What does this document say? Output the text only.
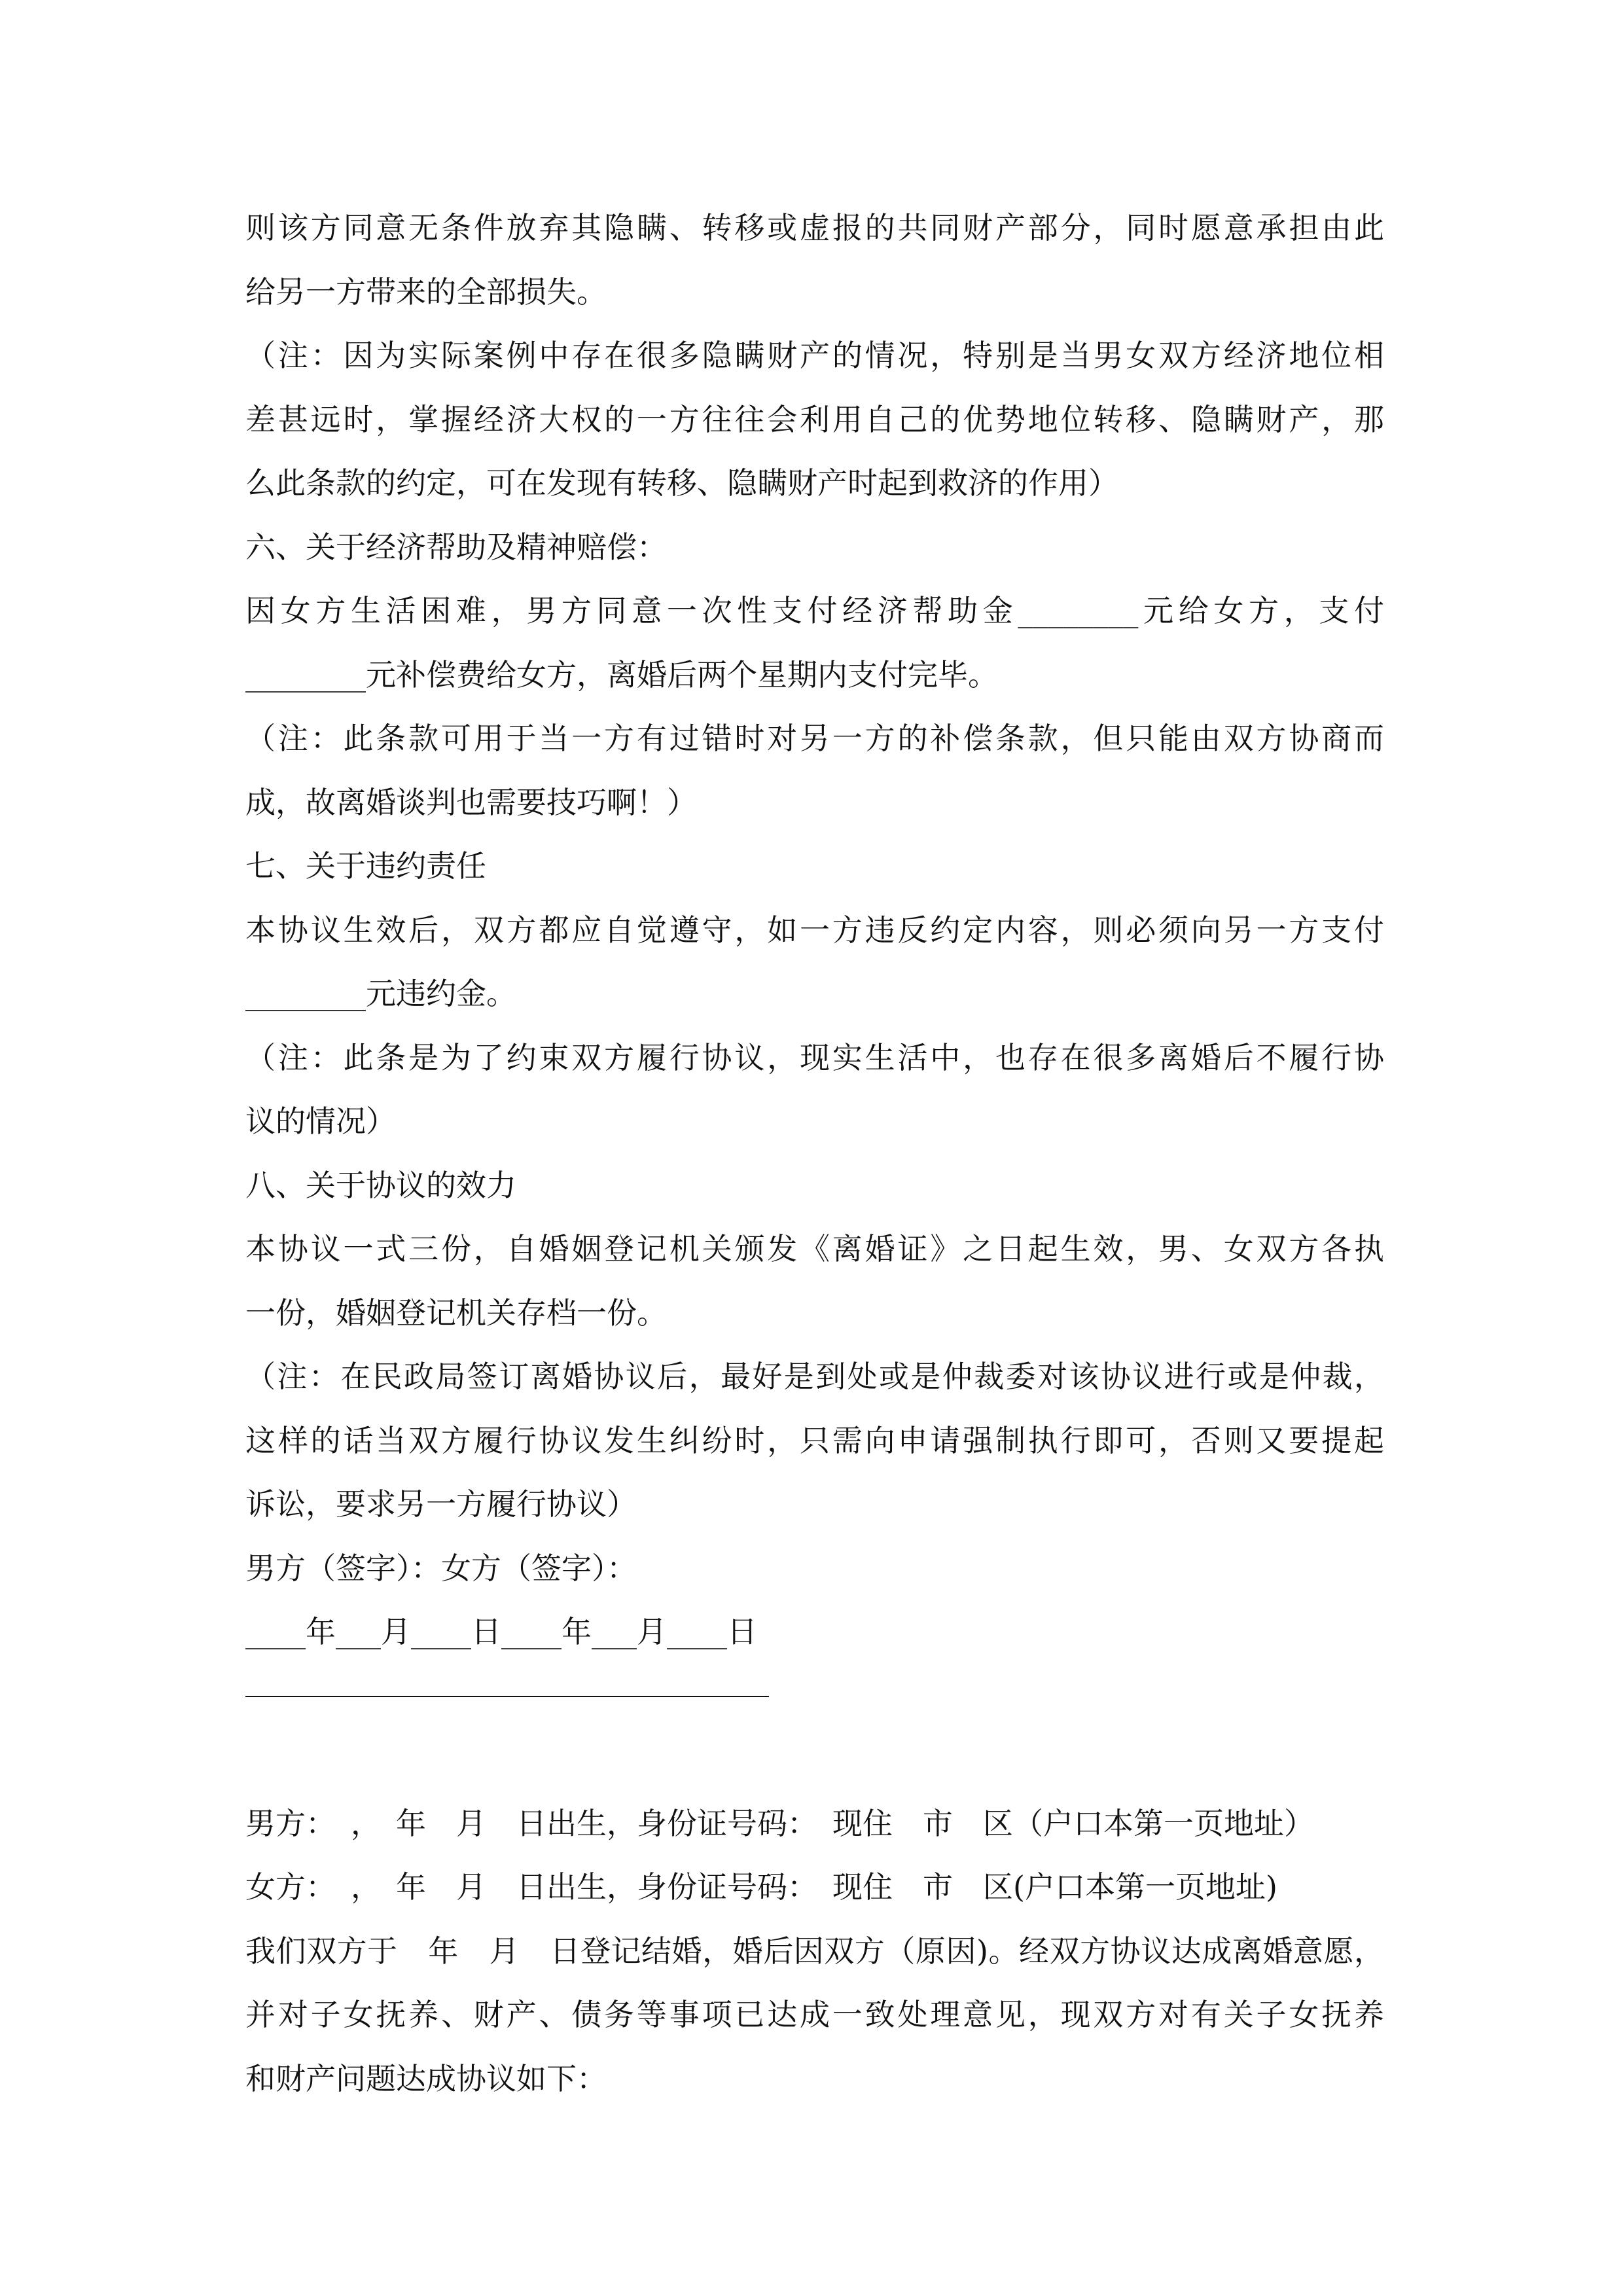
则该方同意无条件放弃其隐瞒、转移或虚报的共同财产部分，同时愿意承担由此
给另一方带来的全部损失。
（注：因为实际案例中存在很多隐瞒财产的情况，特别是当男女双方经济地位相
差甚远时，掌握经济大权的一方往往会利用自己的优势地位转移、隐瞒财产，那
么此条款的约定，可在发现有转移、隐瞒财产时起到救济的作用）
六、关于经济帮助及精神赔偿：
因女方生活困难，男方同意一次性支付经济帮助金________元给女方，支付
________元补偿费给女方，离婚后两个星期内支付完毕。
（注：此条款可用于当一方有过错时对另一方的补偿条款，但只能由双方协商而
成，故离婚谈判也需要技巧啊！）
七、关于违约责任
本协议生效后，双方都应自觉遵守，如一方违反约定内容，则必须向另一方支付
________元违约金。
（注：此条是为了约束双方履行协议，现实生活中，也存在很多离婚后不履行协
议的情况）
八、关于协议的效力
本协议一式三份，自婚姻登记机关颁发《离婚证》之日起生效，男、女双方各执
一份，婚姻登记机关存档一份。
（注：在民政局签订离婚协议后，最好是到处或是仲裁委对该协议进行或是仲裁，
这样的话当双方履行协议发生纠纷时，只需向申请强制执行即可，否则又要提起
诉讼，要求另一方履行协议）
男方（签字）：女方（签字）：
____年___月____日____年___月____日
男方：　，　年　月　日出生，身份证号码：　现住　市　区（户口本第一页地址）
女方：　，　年　月　日出生，身份证号码：　现住　市　区(户口本第一页地址)
我们双方于　年　月　日登记结婚，婚后因双方（原因)。经双方协议达成离婚意愿，
并对子女抚养、财产、债务等事项已达成一致处理意见，现双方对有关子女抚养
和财产问题达成协议如下：
